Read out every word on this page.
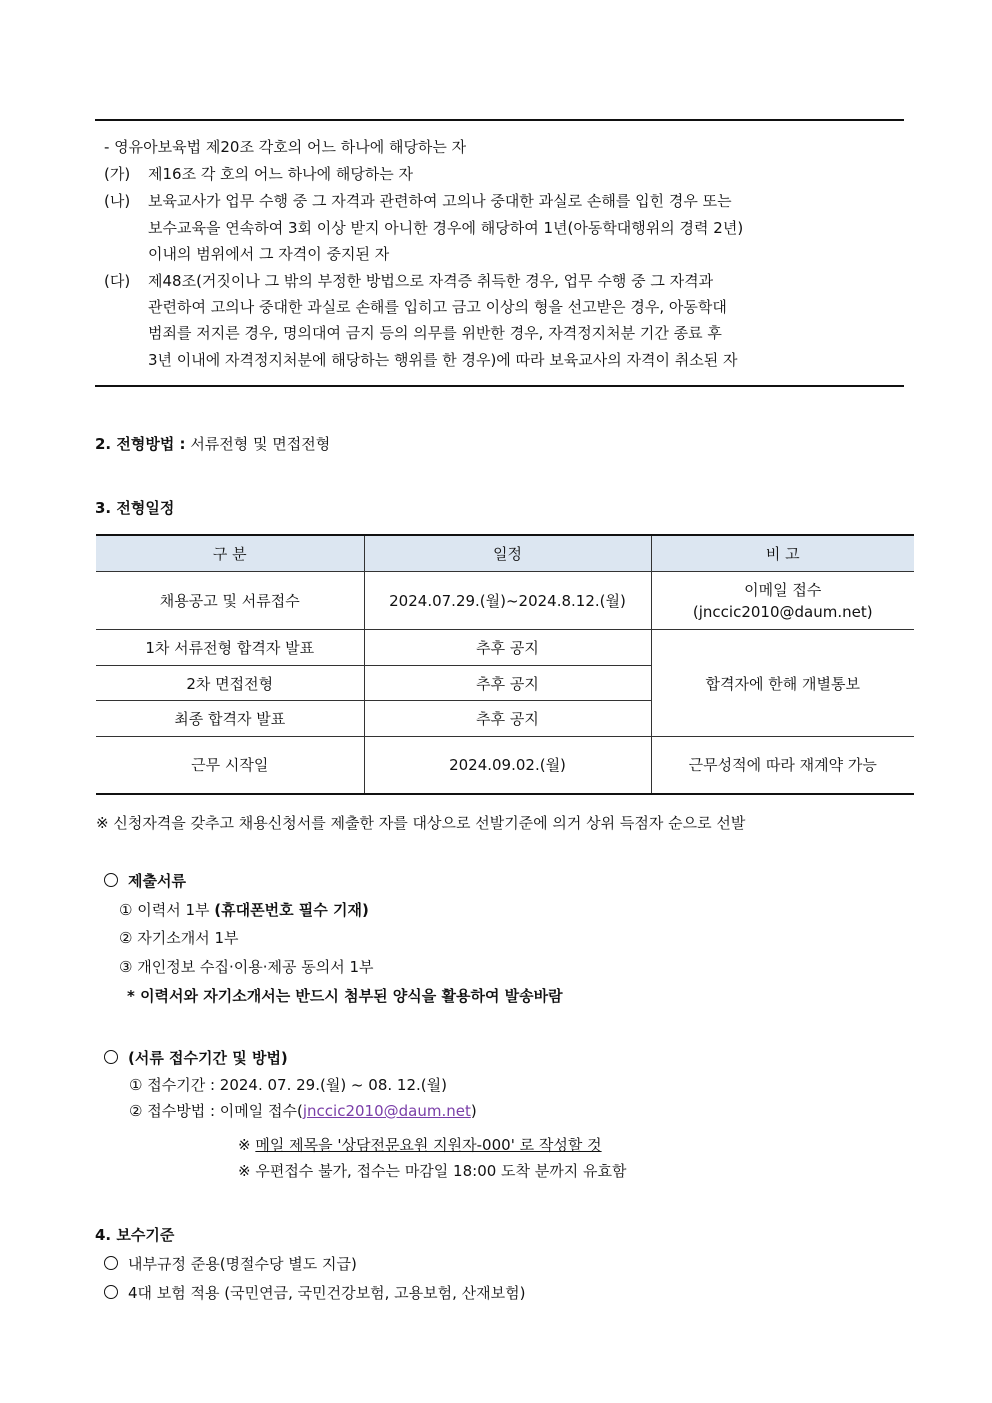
- 영유아보육법 제20조 각호의 어느 하나에 해당하는 자
(가) 제16조 각 호의 어느 하나에 해당하는 자
(나) 보육교사가 업무 수행 중 그 자격과 관련하여 고의나 중대한 과실로 손해를 입힌 경우 또는
보수교육을 연속하여 3회 이상 받지 아니한 경우에 해당하여 1년(아동학대행위의 경력 2년)
이내의 범위에서 그 자격이 중지된 자
(다) 제48조(거짓이나 그 밖의 부정한 방법으로 자격증 취득한 경우, 업무 수행 중 그 자격과
관련하여 고의나 중대한 과실로 손해를 입히고 금고 이상의 형을 선고받은 경우, 아동학대
범죄를 저지른 경우, 명의대여 금지 등의 의무를 위반한 경우, 자격정지처분 기간 종료 후
3년 이내에 자격정지처분에 해당하는 행위를 한 경우)에 따라 보육교사의 자격이 취소된 자
2. 전형방법 : 서류전형 및 면접전형
3. 전형일정
구 분	일정	비 고
채용공고 및 서류접수	2024.07.29.(월)~2024.8.12.(월)	이메일 접수
(jnccic2010@daum.net)

1차 서류전형 합격자 발표	추후 공지	합격자에 한해 개별통보
2차 면접전형	추후 공지	
최종 합격자 발표	추후 공지	
근무 시작일	2024.09.02.(월)	근무성적에 따라 재계약 가능
※ 신청자격을 갖추고 채용신청서를 제출한 자를 대상으로 선발기준에 의거 상위 득점자 순으로 선발
제출서류
① 이력서 1부 (휴대폰번호 필수 기재)
② 자기소개서 1부
③ 개인정보 수집·이용·제공 동의서 1부
* 이력서와 자기소개서는 반드시 첨부된 양식을 활용하여 발송바람
(서류 접수기간 및 방법)
① 접수기간 : 2024. 07. 29.(월) ~ 08. 12.(월)
② 접수방법 : 이메일 접수(jnccic2010@daum.net)
※ 메일 제목을 '상담전문요원 지원자-000' 로 작성할 것
※ 우편접수 불가, 접수는 마감일 18:00 도착 분까지 유효함
4. 보수기준
내부규정 준용(명절수당 별도 지급)
4대 보험 적용 (국민연금, 국민건강보험, 고용보험, 산재보험)
